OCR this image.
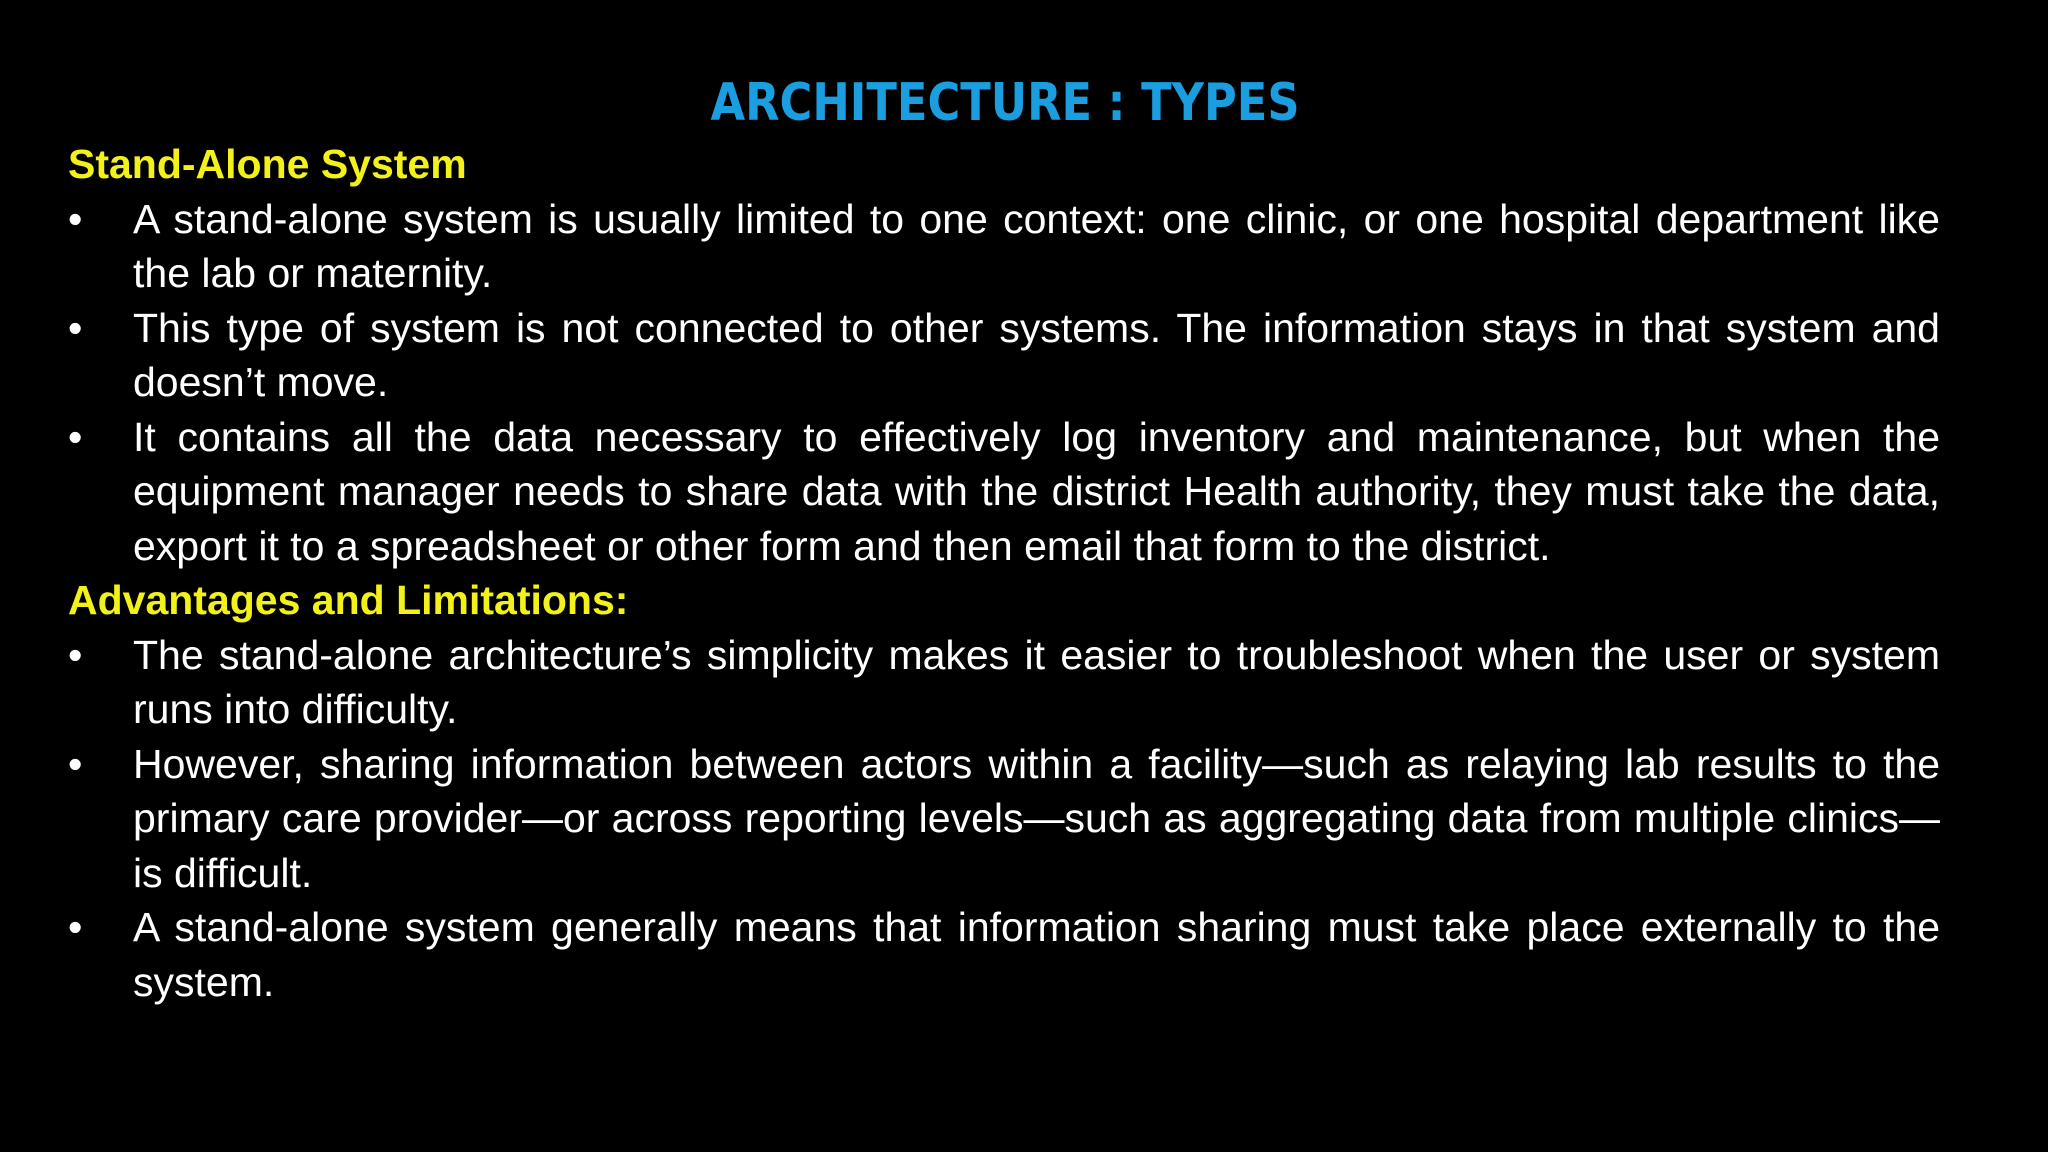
ARCHITECTURE : TYPES

Stand-Alone System

•	A stand-alone system is usually limited to one context: one clinic, or one hospital department like the lab or maternity.
•	This type of system is not connected to other systems. The information stays in that system and doesn’t move.
•	It contains all the data necessary to effectively log inventory and maintenance, but when the equipment manager needs to share data with the district Health authority, they must take the data, export it to a spreadsheet or other form and then email that form to the district.

Advantages and Limitations:

•	The stand-alone architecture’s simplicity makes it easier to troubleshoot when the user or system runs into difficulty.
•	However, sharing information between actors within a facility—such as relaying lab results to the primary care provider—or across reporting levels—such as aggregating data from multiple clinics— is difficult.
•	A stand-alone system generally means that information sharing must take place externally to the system.
